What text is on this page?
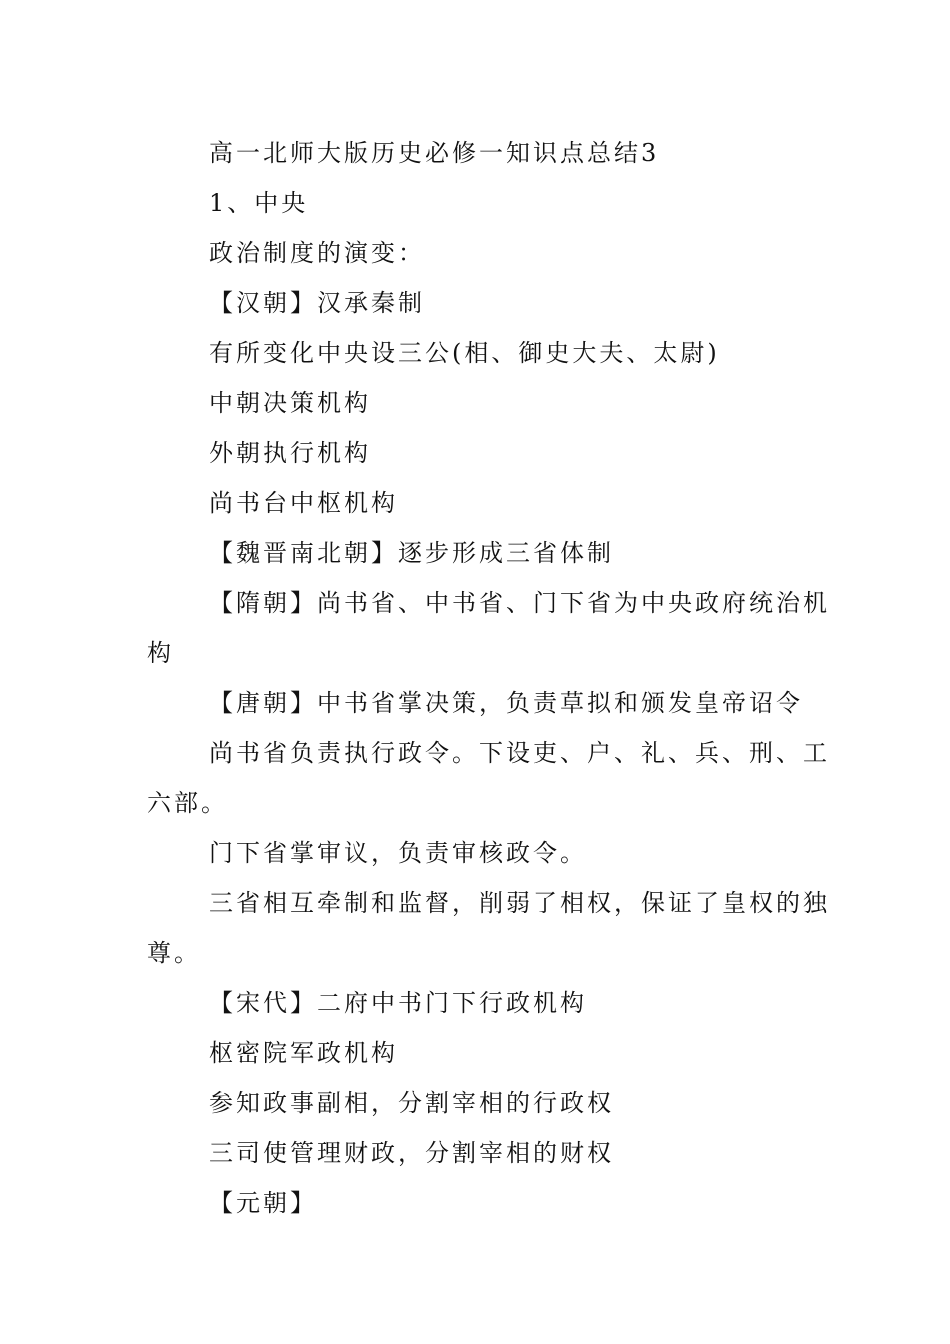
高一北师大版历史必修一知识点总结3
1、中央
政治制度的演变：
【汉朝】汉承秦制
有所变化中央设三公(相、御史大夫、太尉)
中朝决策机构
外朝执行机构
尚书台中枢机构
【魏晋南北朝】逐步形成三省体制
【隋朝】尚书省、中书省、门下省为中央政府统治机
构
【唐朝】中书省掌决策，负责草拟和颁发皇帝诏令
尚书省负责执行政令。下设吏、户、礼、兵、刑、工
六部。
门下省掌审议，负责审核政令。
三省相互牵制和监督，削弱了相权，保证了皇权的独
尊。
【宋代】二府中书门下行政机构
枢密院军政机构
参知政事副相，分割宰相的行政权
三司使管理财政，分割宰相的财权
【元朝】
